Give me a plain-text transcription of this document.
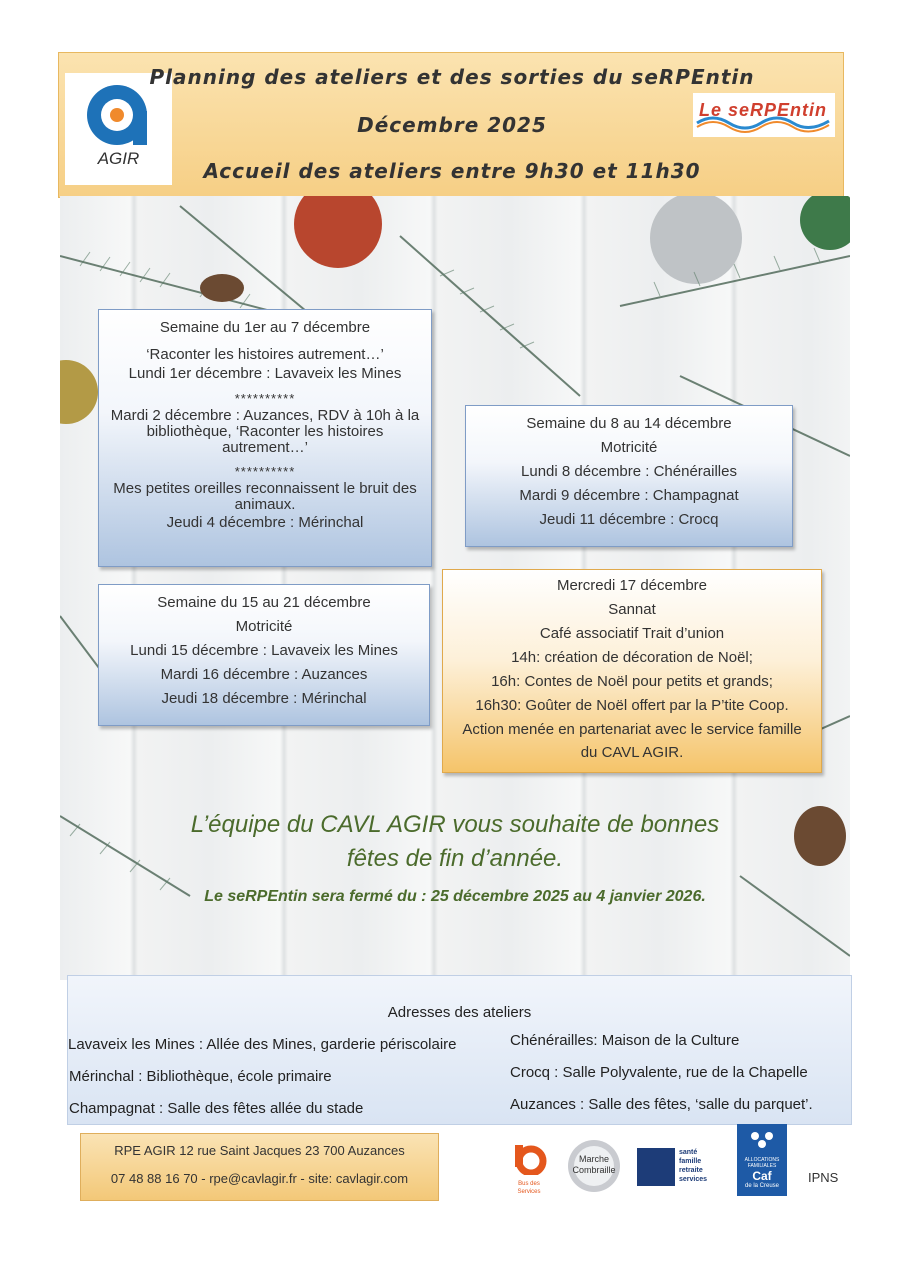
AGIR
Planning des ateliers et des sorties du seRPEntin
Décembre 2025
Accueil des ateliers entre 9h30 et 11h30
Le seRPEntin

Semaine du 1er au 7 décembre

‘Raconter les histoires autrement…’

Lundi 1er décembre : Lavaveix les Mines

**********

Mardi 2 décembre : Auzances, RDV à 10h à la

bibliothèque, ‘Raconter les histoires

autrement…’

**********

Mes petites oreilles reconnaissent le bruit des

animaux.

Jeudi 4 décembre : Mérinchal

Semaine du 8 au 14 décembre

Motricité

Lundi 8 décembre : Chénérailles

Mardi 9 décembre : Champagnat

Jeudi 11 décembre : Crocq

Semaine du 15 au 21 décembre

Motricité

Lundi 15 décembre : Lavaveix les Mines

Mardi 16 décembre : Auzances

Jeudi 18 décembre : Mérinchal

Mercredi 17 décembre

Sannat

Café associatif Trait d’union

14h: création de décoration de Noël;

16h: Contes de Noël pour petits et grands;

16h30: Goûter de Noël offert par la P’tite Coop.

Action menée en partenariat avec le service famille

du CAVL AGIR.

L’équipe du CAVL AGIR vous souhaite de bonnes
fêtes de fin d’année.
Le seRPEntin sera fermé du : 25 décembre 2025 au 4 janvier 2026.
Adresses des ateliers
Lavaveix les Mines : Allée des Mines, garderie périscolaire
Mérinchal : Bibliothèque, école primaire
Champagnat : Salle des fêtes allée du stade
Chénérailles: Maison de la Culture
Crocq : Salle Polyvalente, rue de la Chapelle
Auzances : Salle des fêtes, ‘salle du parquet’.

RPE AGIR 12 rue Saint Jacques 23 700 Auzances

07 48 88 16 70 - rpe@cavlagir.fr - site: cavlagir.com	Bus des Services
Marche Combraille
santé famille retraite services
ALLOCATIONS FAMILIALES
Caf
de la Creuse
IPNS
